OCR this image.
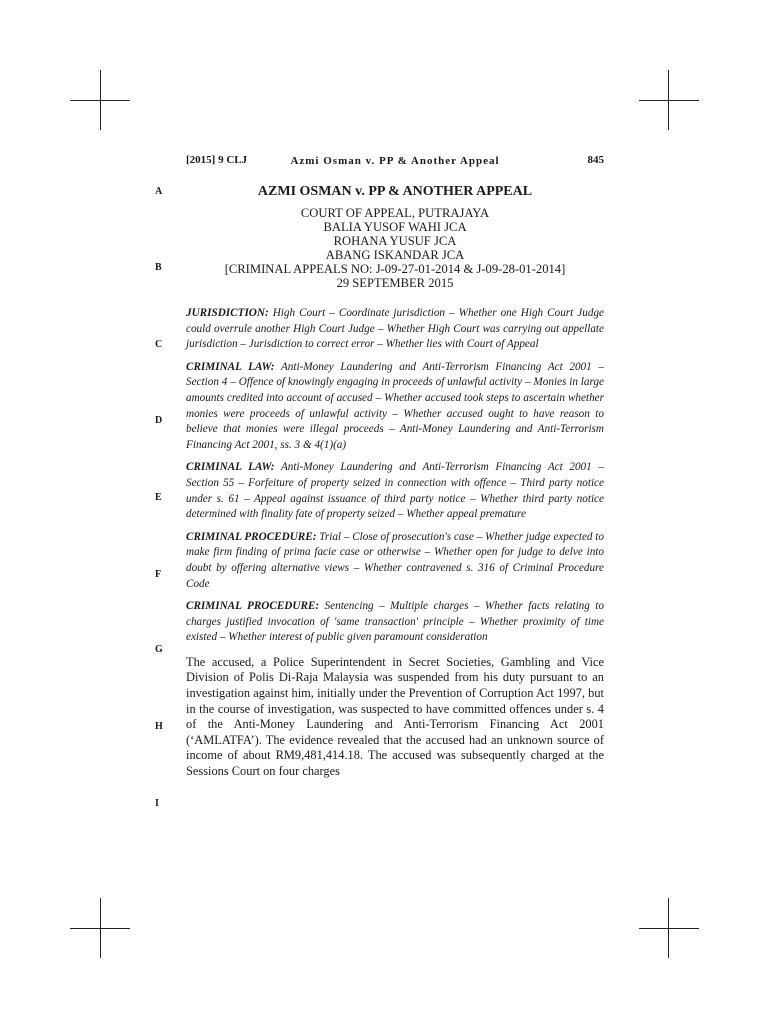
[2015] 9 CLJ	Azmi Osman v. PP & Another Appeal	845
A
B
C
D
E
F
G
H
I
AZMI OSMAN v. PP & ANOTHER APPEAL
COURT OF APPEAL, PUTRAJAYA
BALIA YUSOF WAHI JCA
ROHANA YUSUF JCA
ABANG ISKANDAR JCA
[CRIMINAL APPEALS NO: J-09-27-01-2014 & J-09-28-01-2014]
29 SEPTEMBER 2015

JURISDICTION: High Court – Coordinate jurisdiction – Whether one High Court Judge could overrule another High Court Judge – Whether High Court was carrying out appellate jurisdiction – Jurisdiction to correct error – Whether lies with Court of Appeal

CRIMINAL LAW: Anti-Money Laundering and Anti-Terrorism Financing Act 2001 – Section 4 – Offence of knowingly engaging in proceeds of unlawful activity – Monies in large amounts credited into account of accused – Whether accused took steps to ascertain whether monies were proceeds of unlawful activity – Whether accused ought to have reason to believe that monies were illegal proceeds – Anti-Money Laundering and Anti-Terrorism Financing Act 2001, ss. 3 & 4(1)(a)

CRIMINAL LAW: Anti-Money Laundering and Anti-Terrorism Financing Act 2001 – Section 55 – Forfeiture of property seized in connection with offence – Third party notice under s. 61 – Appeal against issuance of third party notice – Whether third party notice determined with finality fate of property seized – Whether appeal premature

CRIMINAL PROCEDURE: Trial – Close of prosecution's case – Whether judge expected to make firm finding of prima facie case or otherwise – Whether open for judge to delve into doubt by offering alternative views – Whether contravened s. 316 of Criminal Procedure Code

CRIMINAL PROCEDURE: Sentencing – Multiple charges – Whether facts relating to charges justified invocation of 'same transaction' principle – Whether proximity of time existed – Whether interest of public given paramount consideration

The accused, a Police Superintendent in Secret Societies, Gambling and Vice Division of Polis Di-Raja Malaysia was suspended from his duty pursuant to an investigation against him, initially under the Prevention of Corruption Act 1997, but in the course of investigation, was suspected to have committed offences under s. 4 of the Anti-Money Laundering and Anti-Terrorism Financing Act 2001 (‘AMLATFA’). The evidence revealed that the accused had an unknown source of income of about RM9,481,414.18. The accused was subsequently charged at the Sessions Court on four charges
